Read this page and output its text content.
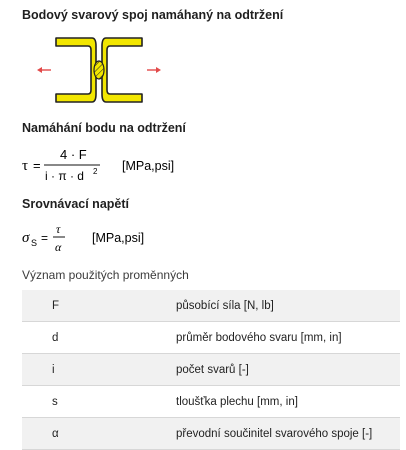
Bodový svarový spoj namáhaný na odtržení
Namáhání bodu na odtržení
τ =
4 · F
i · π · d 2 [MPa,psi]
Srovnávací napětí
σ S =
τ
α
[MPa,psi]
Význam použitých proměnných
F	působící síla [N, lb]
d	průměr bodového svaru [mm, in]
i	počet svarů [-]
s	tloušťka plechu [mm, in]
α	převodní součinitel svarového spoje [-]
